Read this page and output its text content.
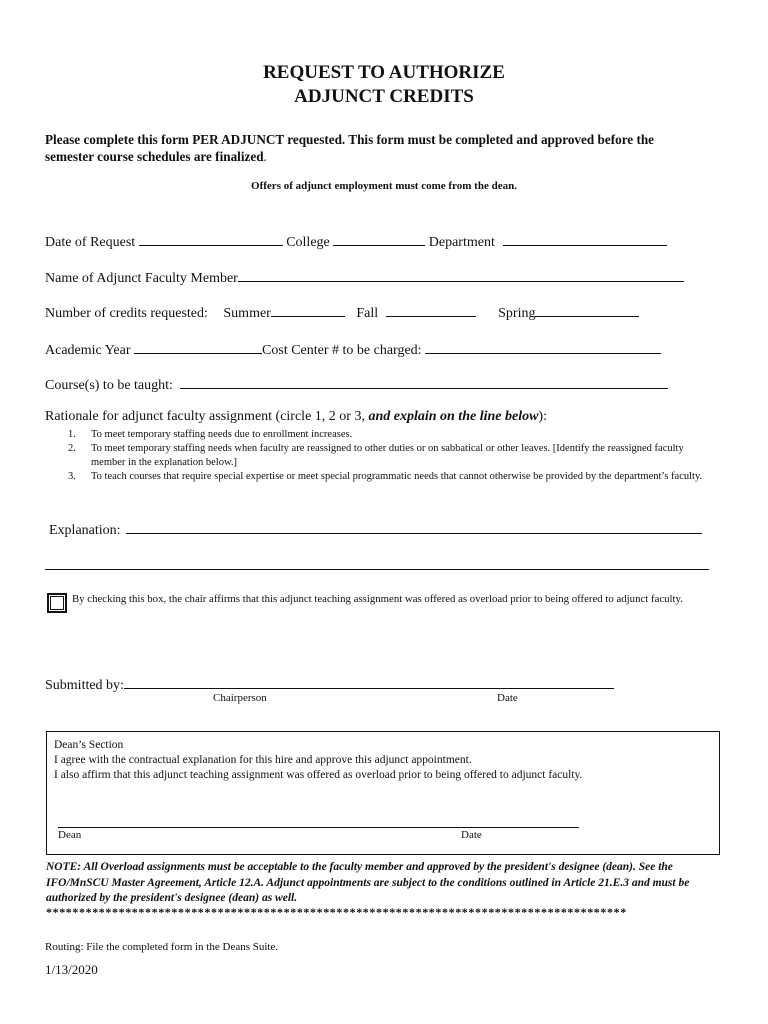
REQUEST TO AUTHORIZE
ADJUNCT CREDITS
Please complete this form PER ADJUNCT requested. This form must be completed and approved before the
semester course schedules are finalized.
Offers of adjunct employment must come from the dean.
Date of Request	College	Department
Name of Adjunct Faculty Member
Number of credits requested: Summer	Fall	Spring
Academic Year	Cost Center # to be charged:
Course(s) to be taught:
Rationale for adjunct faculty assignment (circle 1, 2 or 3, and explain on the line below):
1. To meet temporary staffing needs due to enrollment increases.
2. To meet temporary staffing needs when faculty are reassigned to other duties or on sabbatical or other leaves. [Identify the reassigned faculty member in the explanation below.]
3. To teach courses that require special expertise or meet special programmatic needs that cannot otherwise be provided by the department’s faculty.
Explanation:
By checking this box, the chair affirms that this adjunct teaching assignment was offered as overload prior to being offered to adjunct faculty.
Submitted by:
Chairperson	Date
Dean’s Section
I agree with the contractual explanation for this hire and approve this adjunct appointment.
I also affirm that this adjunct teaching assignment was offered as overload prior to being offered to adjunct faculty.
Dean	Date
NOTE: All Overload assignments must be acceptable to the faculty member and approved by the president's designee (dean). See the IFO/MnSCU Master Agreement, Article 12.A. Adjunct appointments are subject to the conditions outlined in Article 21.E.3 and must be authorized by the president's designee (dean) as well.
****************************************************************************************
Routing: File the completed form in the Deans Suite.
1/13/2020
